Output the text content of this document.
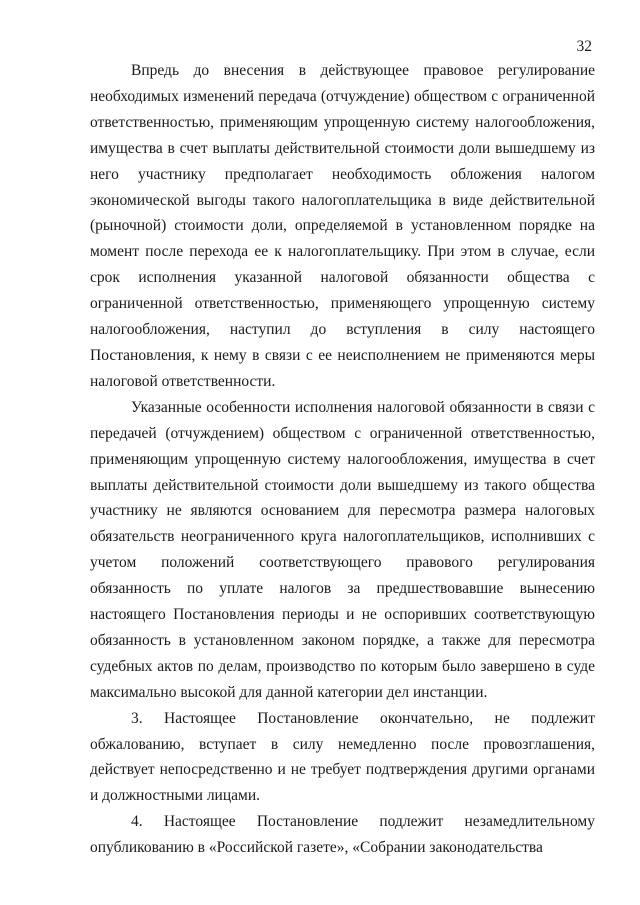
32

Впредь до внесения в действующее правовое регулирование необходимых изменений передача (отчуждение) обществом с ограниченной ответственностью, применяющим упрощенную систему налогообложения, имущества в счет выплаты действительной стоимости доли вышедшему из него участнику предполагает необходимость обложения налогом экономической выгоды такого налогоплательщика в виде действительной (рыночной) стоимости доли, определяемой в установленном порядке на момент после перехода ее к налогоплательщику. При этом в случае, если срок исполнения указанной налоговой обязанности общества с ограниченной ответственностью, применяющего упрощенную систему налогообложения, наступил до вступления в силу настоящего Постановления, к нему в связи с ее неисполнением не применяются меры налоговой ответственности.

Указанные особенности исполнения налоговой обязанности в связи с передачей (отчуждением) обществом с ограниченной ответственностью, применяющим упрощенную систему налогообложения, имущества в счет выплаты действительной стоимости доли вышедшему из такого общества участнику не являются основанием для пересмотра размера налоговых обязательств неограниченного круга налогоплательщиков, исполнивших с учетом положений соответствующего правового регулирования обязанность по уплате налогов за предшествовавшие вынесению настоящего Постановления периоды и не оспоривших соответствующую обязанность в установленном законом порядке, а также для пересмотра судебных актов по делам, производство по которым было завершено в суде максимально высокой для данной категории дел инстанции.

3. Настоящее Постановление окончательно, не подлежит обжалованию, вступает в силу немедленно после провозглашения, действует непосредственно и не требует подтверждения другими органами и должностными лицами.

4. Настоящее Постановление подлежит незамедлительному опубликованию в «Российской газете», «Собрании законодательства
